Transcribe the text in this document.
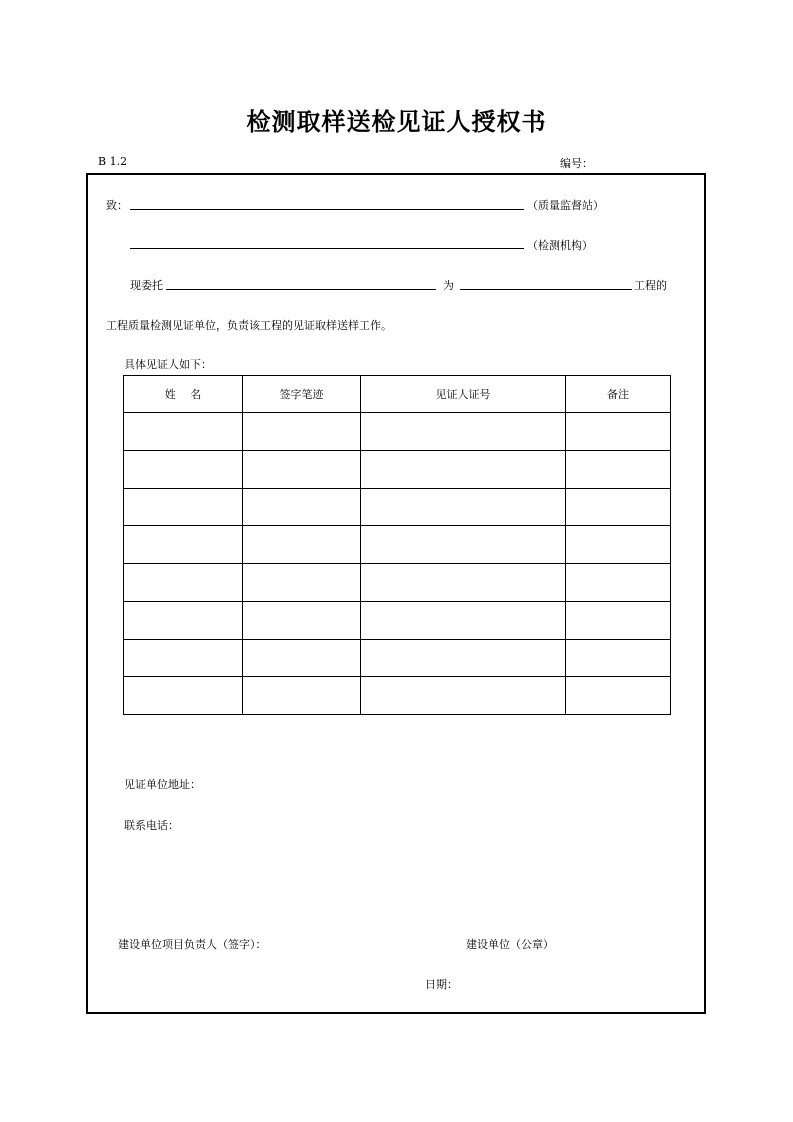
检测取样送检见证人授权书
B 1.2	编号：
致：	（质量监督站）
（检测机构）
现委托	为	工程的
工程质量检测见证单位，负责该工程的见证取样送样工作。
具体见证人如下：
姓　 名	签字笔迹	见证人证号	备注

见证单位地址：
联系电话：
建设单位项目负责人（签字）：	建设单位（公章）
日期：
